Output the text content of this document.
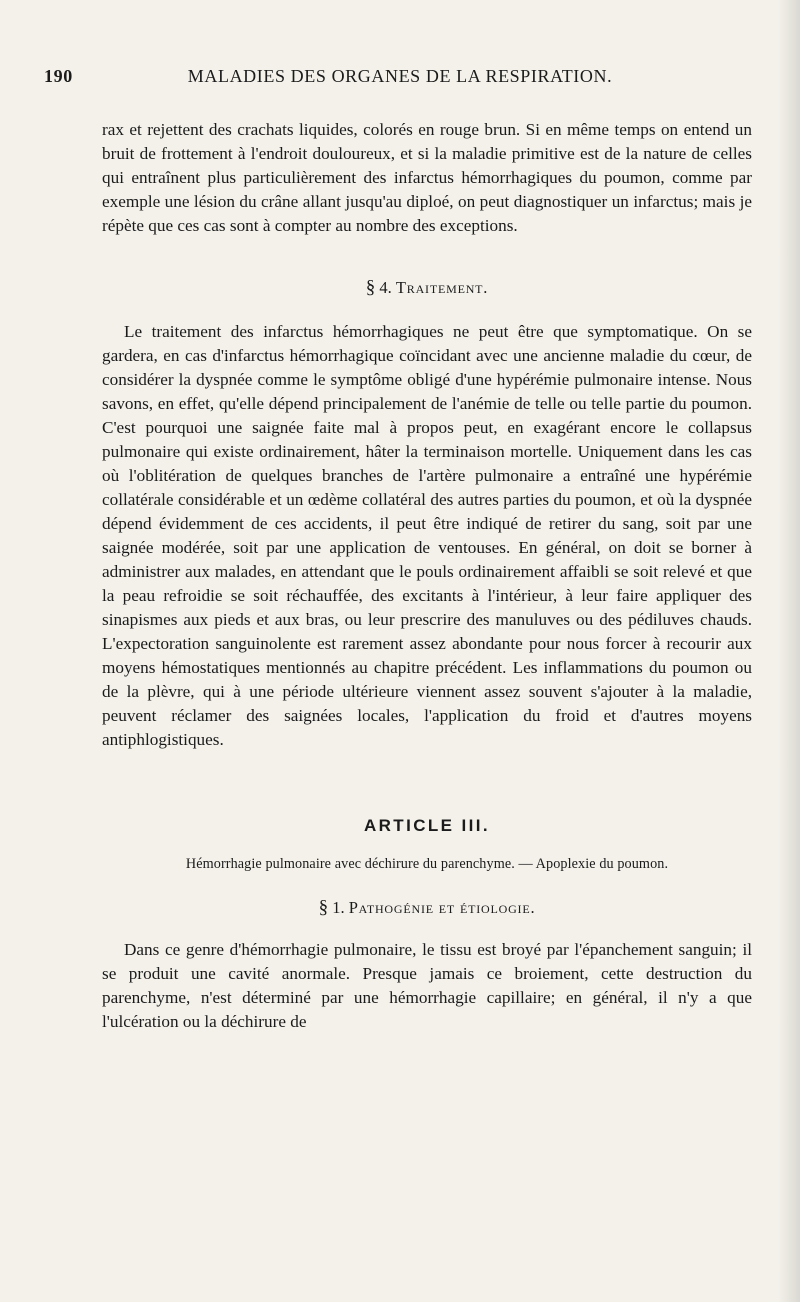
190	MALADIES DES ORGANES DE LA RESPIRATION.

rax et rejettent des crachats liquides, colorés en rouge brun. Si en même temps on entend un bruit de frottement à l'endroit douloureux, et si la maladie primitive est de la nature de celles qui entraînent plus particulièrement des infarctus hémorrhagiques du poumon, comme par exemple une lésion du crâne allant jusqu'au diploé, on peut diagnostiquer un infarctus; mais je répète que ces cas sont à compter au nombre des exceptions.

§ 4. Traitement.

Le traitement des infarctus hémorrhagiques ne peut être que symptomatique. On se gardera, en cas d'infarctus hémorrhagique coïncidant avec une ancienne maladie du cœur, de considérer la dyspnée comme le symptôme obligé d'une hypérémie pulmonaire intense. Nous savons, en effet, qu'elle dépend principalement de l'anémie de telle ou telle partie du poumon. C'est pourquoi une saignée faite mal à propos peut, en exagérant encore le collapsus pulmonaire qui existe ordinairement, hâter la terminaison mortelle. Uniquement dans les cas où l'oblitération de quelques branches de l'artère pulmonaire a entraîné une hypérémie collatérale considérable et un œdème collatéral des autres parties du poumon, et où la dyspnée dépend évidemment de ces accidents, il peut être indiqué de retirer du sang, soit par une saignée modérée, soit par une application de ventouses. En général, on doit se borner à administrer aux malades, en attendant que le pouls ordinairement affaibli se soit relevé et que la peau refroidie se soit réchauffée, des excitants à l'intérieur, à leur faire appliquer des sinapismes aux pieds et aux bras, ou leur prescrire des manuluves ou des pédiluves chauds. L'expectoration sanguinolente est rarement assez abondante pour nous forcer à recourir aux moyens hémostatiques mentionnés au chapitre précédent. Les inflammations du poumon ou de la plèvre, qui à une période ultérieure viennent assez souvent s'ajouter à la maladie, peuvent réclamer des saignées locales, l'application du froid et d'autres moyens antiphlogistiques.

ARTICLE III.

Hémorrhagie pulmonaire avec déchirure du parenchyme. — Apoplexie du poumon.

§ 1. Pathogénie et étiologie.

Dans ce genre d'hémorrhagie pulmonaire, le tissu est broyé par l'épanchement sanguin; il se produit une cavité anormale. Presque jamais ce broiement, cette destruction du parenchyme, n'est déterminé par une hémorrhagie capillaire; en général, il n'y a que l'ulcération ou la déchirure de
